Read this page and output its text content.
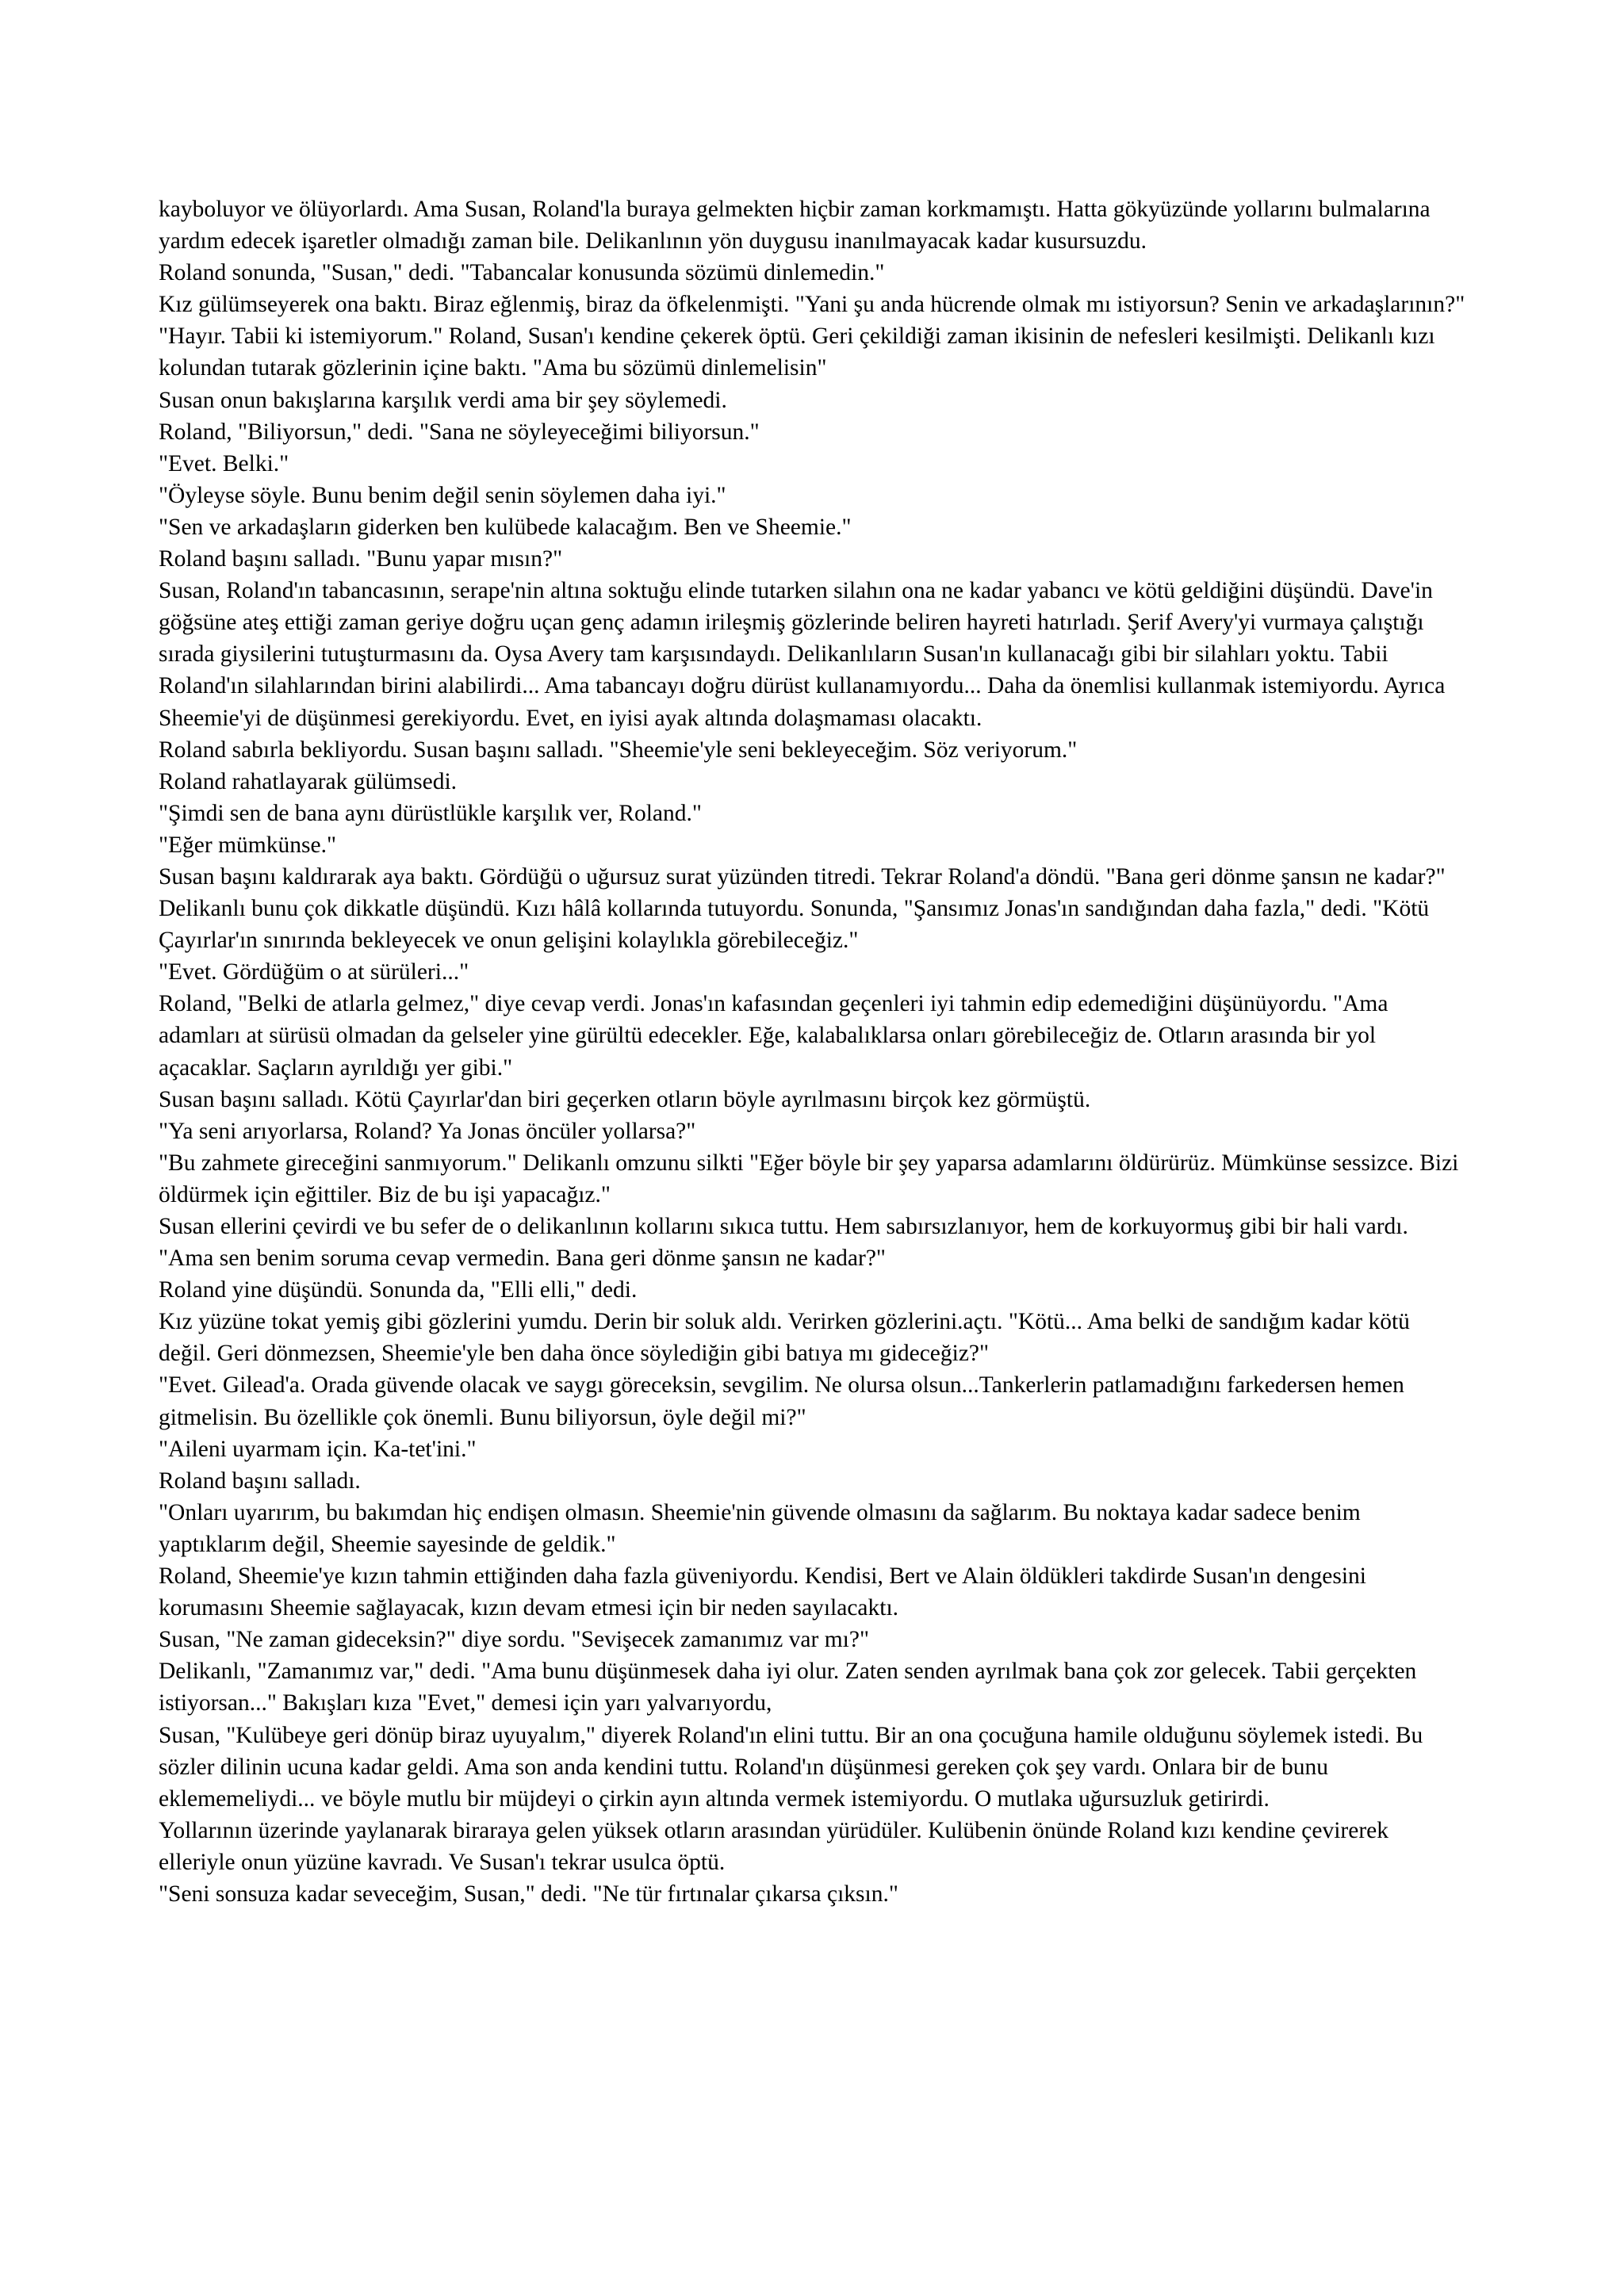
kayboluyor ve ölüyorlardı. Ama Susan, Roland'la buraya gelmekten hiçbir zaman korkmamıştı. Hatta gökyüzünde yollarını bulmalarına yardım edecek işaretler olmadığı zaman bile. Delikanlının yön duygusu inanılmayacak kadar kusursuzdu.

Roland sonunda, "Susan," dedi. "Tabancalar konusunda sözümü dinlemedin."

Kız gülümseyerek ona baktı. Biraz eğlenmiş, biraz da öfkelenmişti. "Yani şu anda hücrende olmak mı istiyorsun? Senin ve arkadaşlarının?"

"Hayır. Tabii ki istemiyorum." Roland, Susan'ı kendine çekerek öptü. Geri çekildiği zaman ikisinin de nefesleri kesilmişti. Delikanlı kızı kolundan tutarak gözlerinin içine baktı. "Ama bu sözümü dinlemelisin"

Susan onun bakışlarına karşılık verdi ama bir şey söylemedi.

Roland, "Biliyorsun," dedi. "Sana ne söyleyeceğimi biliyorsun."

"Evet. Belki."

"Öyleyse söyle. Bunu benim değil senin söylemen daha iyi."

"Sen ve arkadaşların giderken ben kulübede kalacağım. Ben ve Sheemie."

Roland başını salladı. "Bunu yapar mısın?"

Susan, Roland'ın tabancasının, serape'nin altına soktuğu elinde tutarken silahın ona ne kadar yabancı ve kötü geldiğini düşündü. Dave'in göğsüne ateş ettiği zaman geriye doğru uçan genç adamın irileşmiş gözlerinde beliren hayreti hatırladı. Şerif Avery'yi vurmaya çalıştığı sırada giysilerini tutuşturmasını da. Oysa Avery tam karşısındaydı. Delikanlıların Susan'ın kullanacağı gibi bir silahları yoktu. Tabii Roland'ın silahlarından birini alabilirdi... Ama tabancayı doğru dürüst kullanamıyordu... Daha da önemlisi kullanmak istemiyordu. Ayrıca Sheemie'yi de düşünmesi gerekiyordu. Evet, en iyisi ayak altında dolaşmaması olacaktı.

Roland sabırla bekliyordu. Susan başını salladı. "Sheemie'yle seni bekleyeceğim. Söz veriyorum."

Roland rahatlayarak gülümsedi.

"Şimdi sen de bana aynı dürüstlükle karşılık ver, Roland."

"Eğer mümkünse."

Susan başını kaldırarak aya baktı. Gördüğü o uğursuz surat yüzünden titredi. Tekrar Roland'a döndü. "Bana geri dönme şansın ne kadar?"

Delikanlı bunu çok dikkatle düşündü. Kızı hâlâ kollarında tutuyordu. Sonunda, "Şansımız Jonas'ın sandığından daha fazla," dedi. "Kötü Çayırlar'ın sınırında bekleyecek ve onun gelişini kolaylıkla görebileceğiz."

"Evet. Gördüğüm o at sürüleri..."

Roland, "Belki de atlarla gelmez," diye cevap verdi. Jonas'ın kafasından geçenleri iyi tahmin edip edemediğini düşünüyordu. "Ama adamları at sürüsü olmadan da gelseler yine gürültü edecekler. Eğe, kalabalıklarsa onları görebileceğiz de. Otların arasında bir yol açacaklar. Saçların ayrıldığı yer gibi."

Susan başını salladı. Kötü Çayırlar'dan biri geçerken otların böyle ayrılmasını birçok kez görmüştü.

"Ya seni arıyorlarsa, Roland? Ya Jonas öncüler yollarsa?"

"Bu zahmete gireceğini sanmıyorum." Delikanlı omzunu silkti "Eğer böyle bir şey yaparsa adamlarını öldürürüz. Mümkünse sessizce. Bizi öldürmek için eğittiler. Biz de bu işi yapacağız."

Susan ellerini çevirdi ve bu sefer de o delikanlının kollarını sıkıca tuttu. Hem sabırsızlanıyor, hem de korkuyormuş gibi bir hali vardı. "Ama sen benim soruma cevap vermedin. Bana geri dönme şansın ne kadar?"

Roland yine düşündü. Sonunda da, "Elli elli," dedi.

Kız yüzüne tokat yemiş gibi gözlerini yumdu. Derin bir soluk aldı. Verirken gözlerini.açtı. "Kötü... Ama belki de sandığım kadar kötü değil. Geri dönmezsen, Sheemie'yle ben daha önce söylediğin gibi batıya mı gideceğiz?"

"Evet. Gilead'a. Orada güvende olacak ve saygı göreceksin, sevgilim. Ne olursa olsun...Tankerlerin patlamadığını farkedersen hemen gitmelisin. Bu özellikle çok önemli. Bunu biliyorsun, öyle değil mi?"

"Aileni uyarmam için. Ka-tet'ini."

Roland başını salladı.

"Onları uyarırım, bu bakımdan hiç endişen olmasın. Sheemie'nin güvende olmasını da sağlarım. Bu noktaya kadar sadece benim yaptıklarım değil, Sheemie sayesinde de geldik."

Roland, Sheemie'ye kızın tahmin ettiğinden daha fazla güveniyordu. Kendisi, Bert ve Alain öldükleri takdirde Susan'ın dengesini korumasını Sheemie sağlayacak, kızın devam etmesi için bir neden sayılacaktı.

Susan, "Ne zaman gideceksin?" diye sordu. "Sevişecek zamanımız var mı?"

Delikanlı, "Zamanımız var," dedi. "Ama bunu düşünmesek daha iyi olur. Zaten senden ayrılmak bana çok zor gelecek. Tabii gerçekten istiyorsan..." Bakışları kıza "Evet," demesi için yarı yalvarıyordu,

Susan, "Kulübeye geri dönüp biraz uyuyalım," diyerek Roland'ın elini tuttu. Bir an ona çocuğuna hamile olduğunu söylemek istedi. Bu sözler dilinin ucuna kadar geldi. Ama son anda kendini tuttu. Roland'ın düşünmesi gereken çok şey vardı. Onlara bir de bunu eklememeliydi... ve böyle mutlu bir müjdeyi o çirkin ayın altında vermek istemiyordu. O mutlaka uğursuzluk getirirdi.

Yollarının üzerinde yaylanarak biraraya gelen yüksek otların arasından yürüdüler. Kulübenin önünde Roland kızı kendine çevirerek elleriyle onun yüzüne kavradı. Ve Susan'ı tekrar usulca öptü.

"Seni sonsuza kadar seveceğim, Susan," dedi. "Ne tür fırtınalar çıkarsa çıksın."
